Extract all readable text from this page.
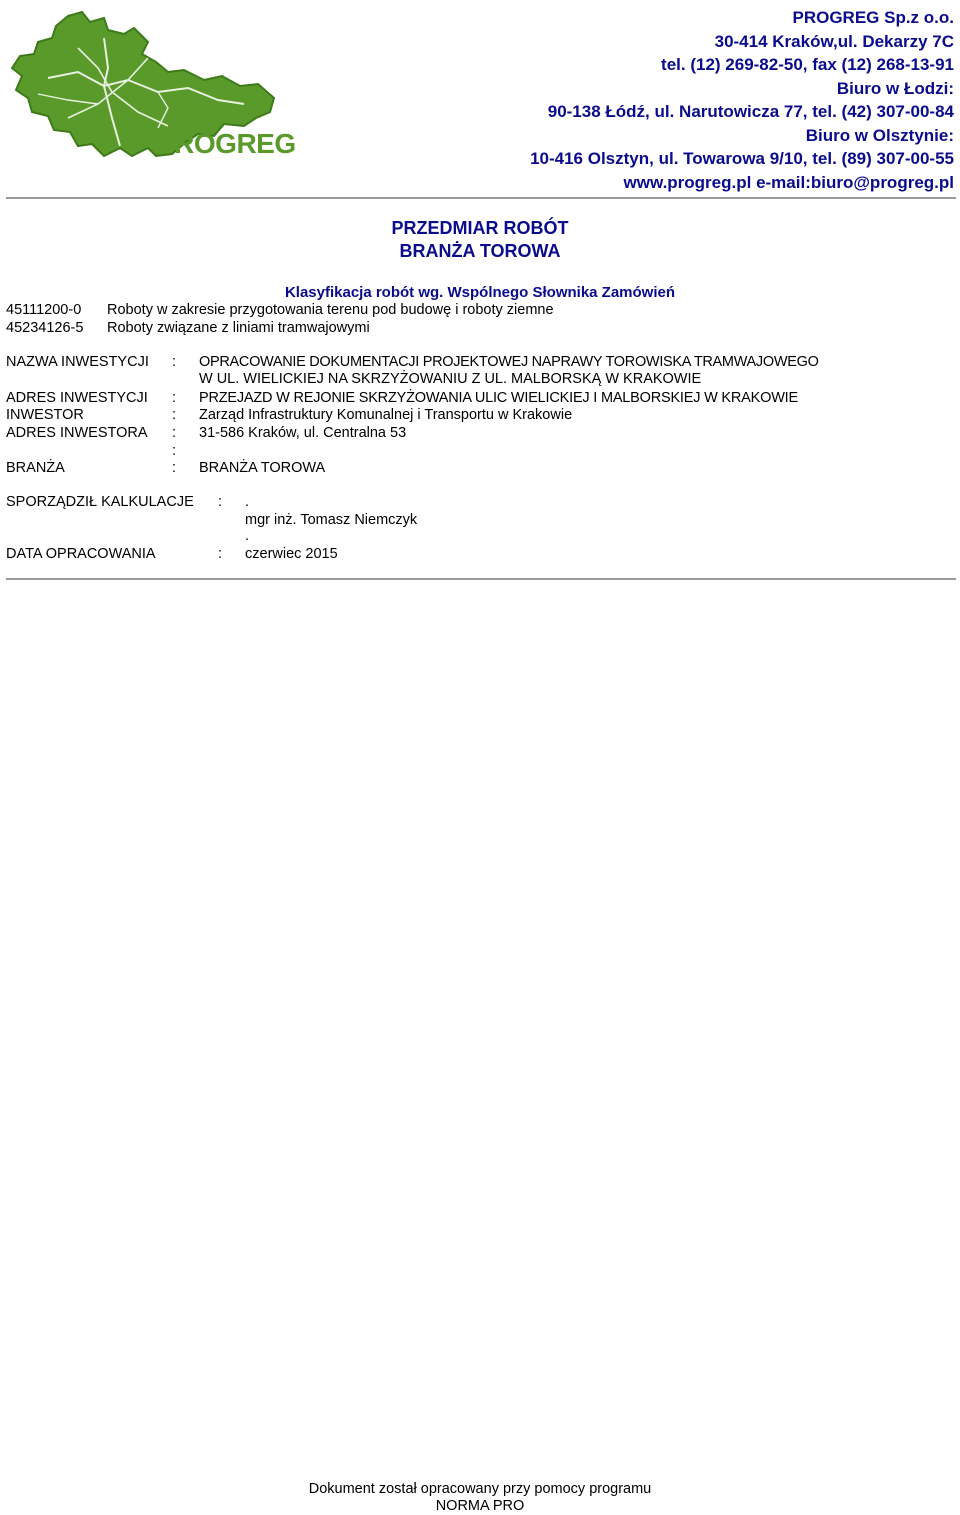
PROGREG
PROGREG Sp.z o.o.
30-414 Kraków,ul. Dekarzy 7C
tel. (12) 269-82-50, fax (12) 268-13-91
Biuro w Łodzi:
90-138 Łódź, ul. Narutowicza 77, tel. (42) 307-00-84
Biuro w Olsztynie:
10-416 Olsztyn, ul. Towarowa 9/10, tel. (89) 307-00-55
www.progreg.pl e-mail:biuro@progreg.pl
PRZEDMIAR ROBÓT
BRANŻA TOROWA
Klasyfikacja robót wg. Wspólnego Słownika Zamówień
45111200-0 Roboty w zakresie przygotowania terenu pod budowę i roboty ziemne
45234126-5 Roboty związane z liniami tramwajowymi
NAZWA INWESTYCJI : OPRACOWANIE DOKUMENTACJI PROJEKTOWEJ NAPRAWY TOROWISKA TRAMWAJOWEGO
W UL. WIELICKIEJ NA SKRZYŻOWANIU Z UL. MALBORSKĄ W KRAKOWIE
ADRES INWESTYCJI : PRZEJAZD W REJONIE SKRZYŻOWANIA ULIC WIELICKIEJ I MALBORSKIEJ W KRAKOWIE
INWESTOR	: Zarząd Infrastruktury Komunalnej i Transportu w Krakowie
ADRES INWESTORA : 31-586 Kraków, ul. Centralna 53
:
BRANŻA	: BRANŻA TOROWA
SPORZĄDZIŁ KALKULACJE : .
mgr inż. Tomasz Niemczyk
.
DATA OPRACOWANIA	: czerwiec 2015
Dokument został opracowany przy pomocy programu
NORMA PRO
